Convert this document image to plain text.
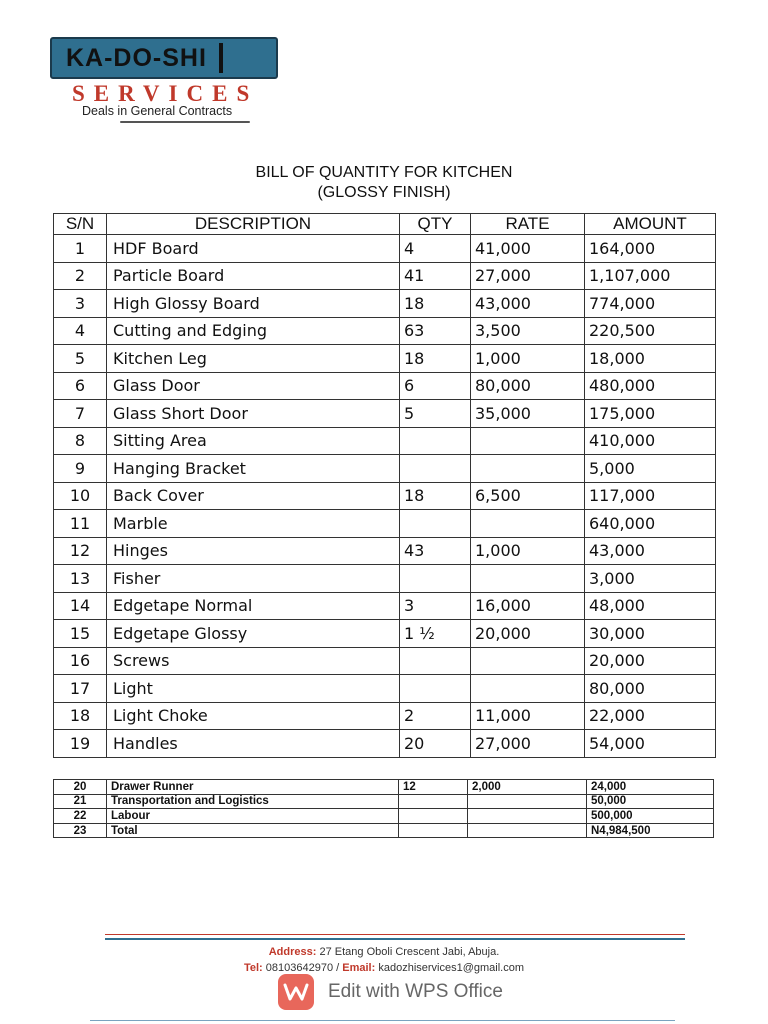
KA-DO-SHI
SERVICES
Deals in General Contracts
BILL OF QUANTITY FOR KITCHEN
(GLOSSY FINISH)
S/N	DESCRIPTION	QTY	RATE	AMOUNT
1	HDF Board	4	41,000	164,000
2	Particle Board	41	27,000	1,107,000
3	High Glossy Board	18	43,000	774,000
4	Cutting and Edging	63	3,500	220,500
5	Kitchen Leg	18	1,000	18,000
6	Glass Door	6	80,000	480,000
7	Glass Short Door	5	35,000	175,000
8	Sitting Area			410,000
9	Hanging Bracket			5,000
10	Back Cover	18	6,500	117,000
11	Marble			640,000
12	Hinges	43	1,000	43,000
13	Fisher			3,000
14	Edgetape Normal	3	16,000	48,000
15	Edgetape Glossy	1 ½	20,000	30,000
16	Screws			20,000
17	Light			80,000
18	Light Choke	2	11,000	22,000
19	Handles	20	27,000	54,000
20	Drawer Runner	12	2,000	24,000
21	Transportation and Logistics			50,000
22	Labour			500,000
23	Total			N4,984,500
Address: 27 Etang Oboli Crescent Jabi, Abuja.
Tel: 08103642970 / Email: kadozhiservices1@gmail.com
Edit with WPS Office
